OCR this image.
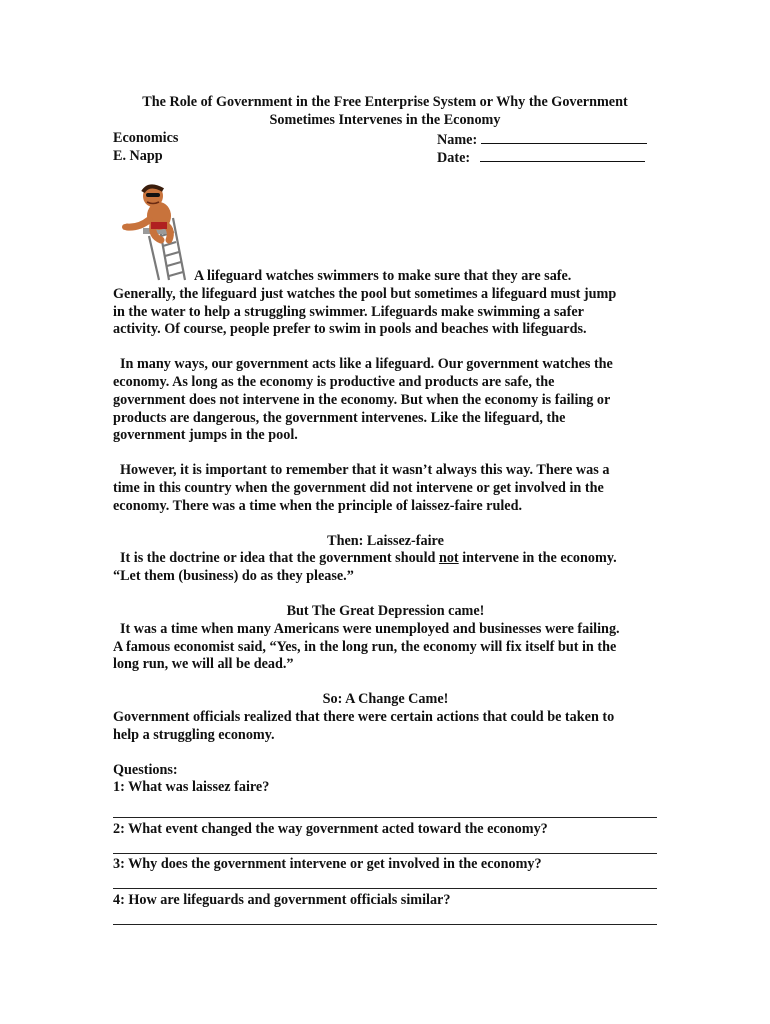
The Role of Government in the Free Enterprise System or Why the Government
Sometimes Intervenes in the Economy
Economics
E. Napp
Name:
Date:

A lifeguard watches swimmers to make sure that they are safe.

Generally, the lifeguard just watches the pool but sometimes a lifeguard must jump

in the water to help a struggling swimmer. Lifeguards make swimming a safer

activity. Of course, people prefer to swim in pools and beaches with lifeguards.

In many ways, our government acts like a lifeguard. Our government watches the

economy. As long as the economy is productive and products are safe, the

government does not intervene in the economy. But when the economy is failing or

products are dangerous, the government intervenes. Like the lifeguard, the

government jumps in the pool.

However, it is important to remember that it wasn’t always this way. There was a

time in this country when the government did not intervene or get involved in the

economy. There was a time when the principle of laissez-faire ruled.

Then: Laissez-faire

It is the doctrine or idea that the government should not intervene in the economy.

“Let them (business) do as they please.”

But The Great Depression came!

It was a time when many Americans were unemployed and businesses were failing.

A famous economist said, “Yes, in the long run, the economy will fix itself but in the

long run, we will all be dead.”

So: A Change Came!

Government officials realized that there were certain actions that could be taken to

help a struggling economy.

Questions:

1: What was laissez faire?

2: What event changed the way government acted toward the economy?

3: Why does the government intervene or get involved in the economy?

4: How are lifeguards and government officials similar?
